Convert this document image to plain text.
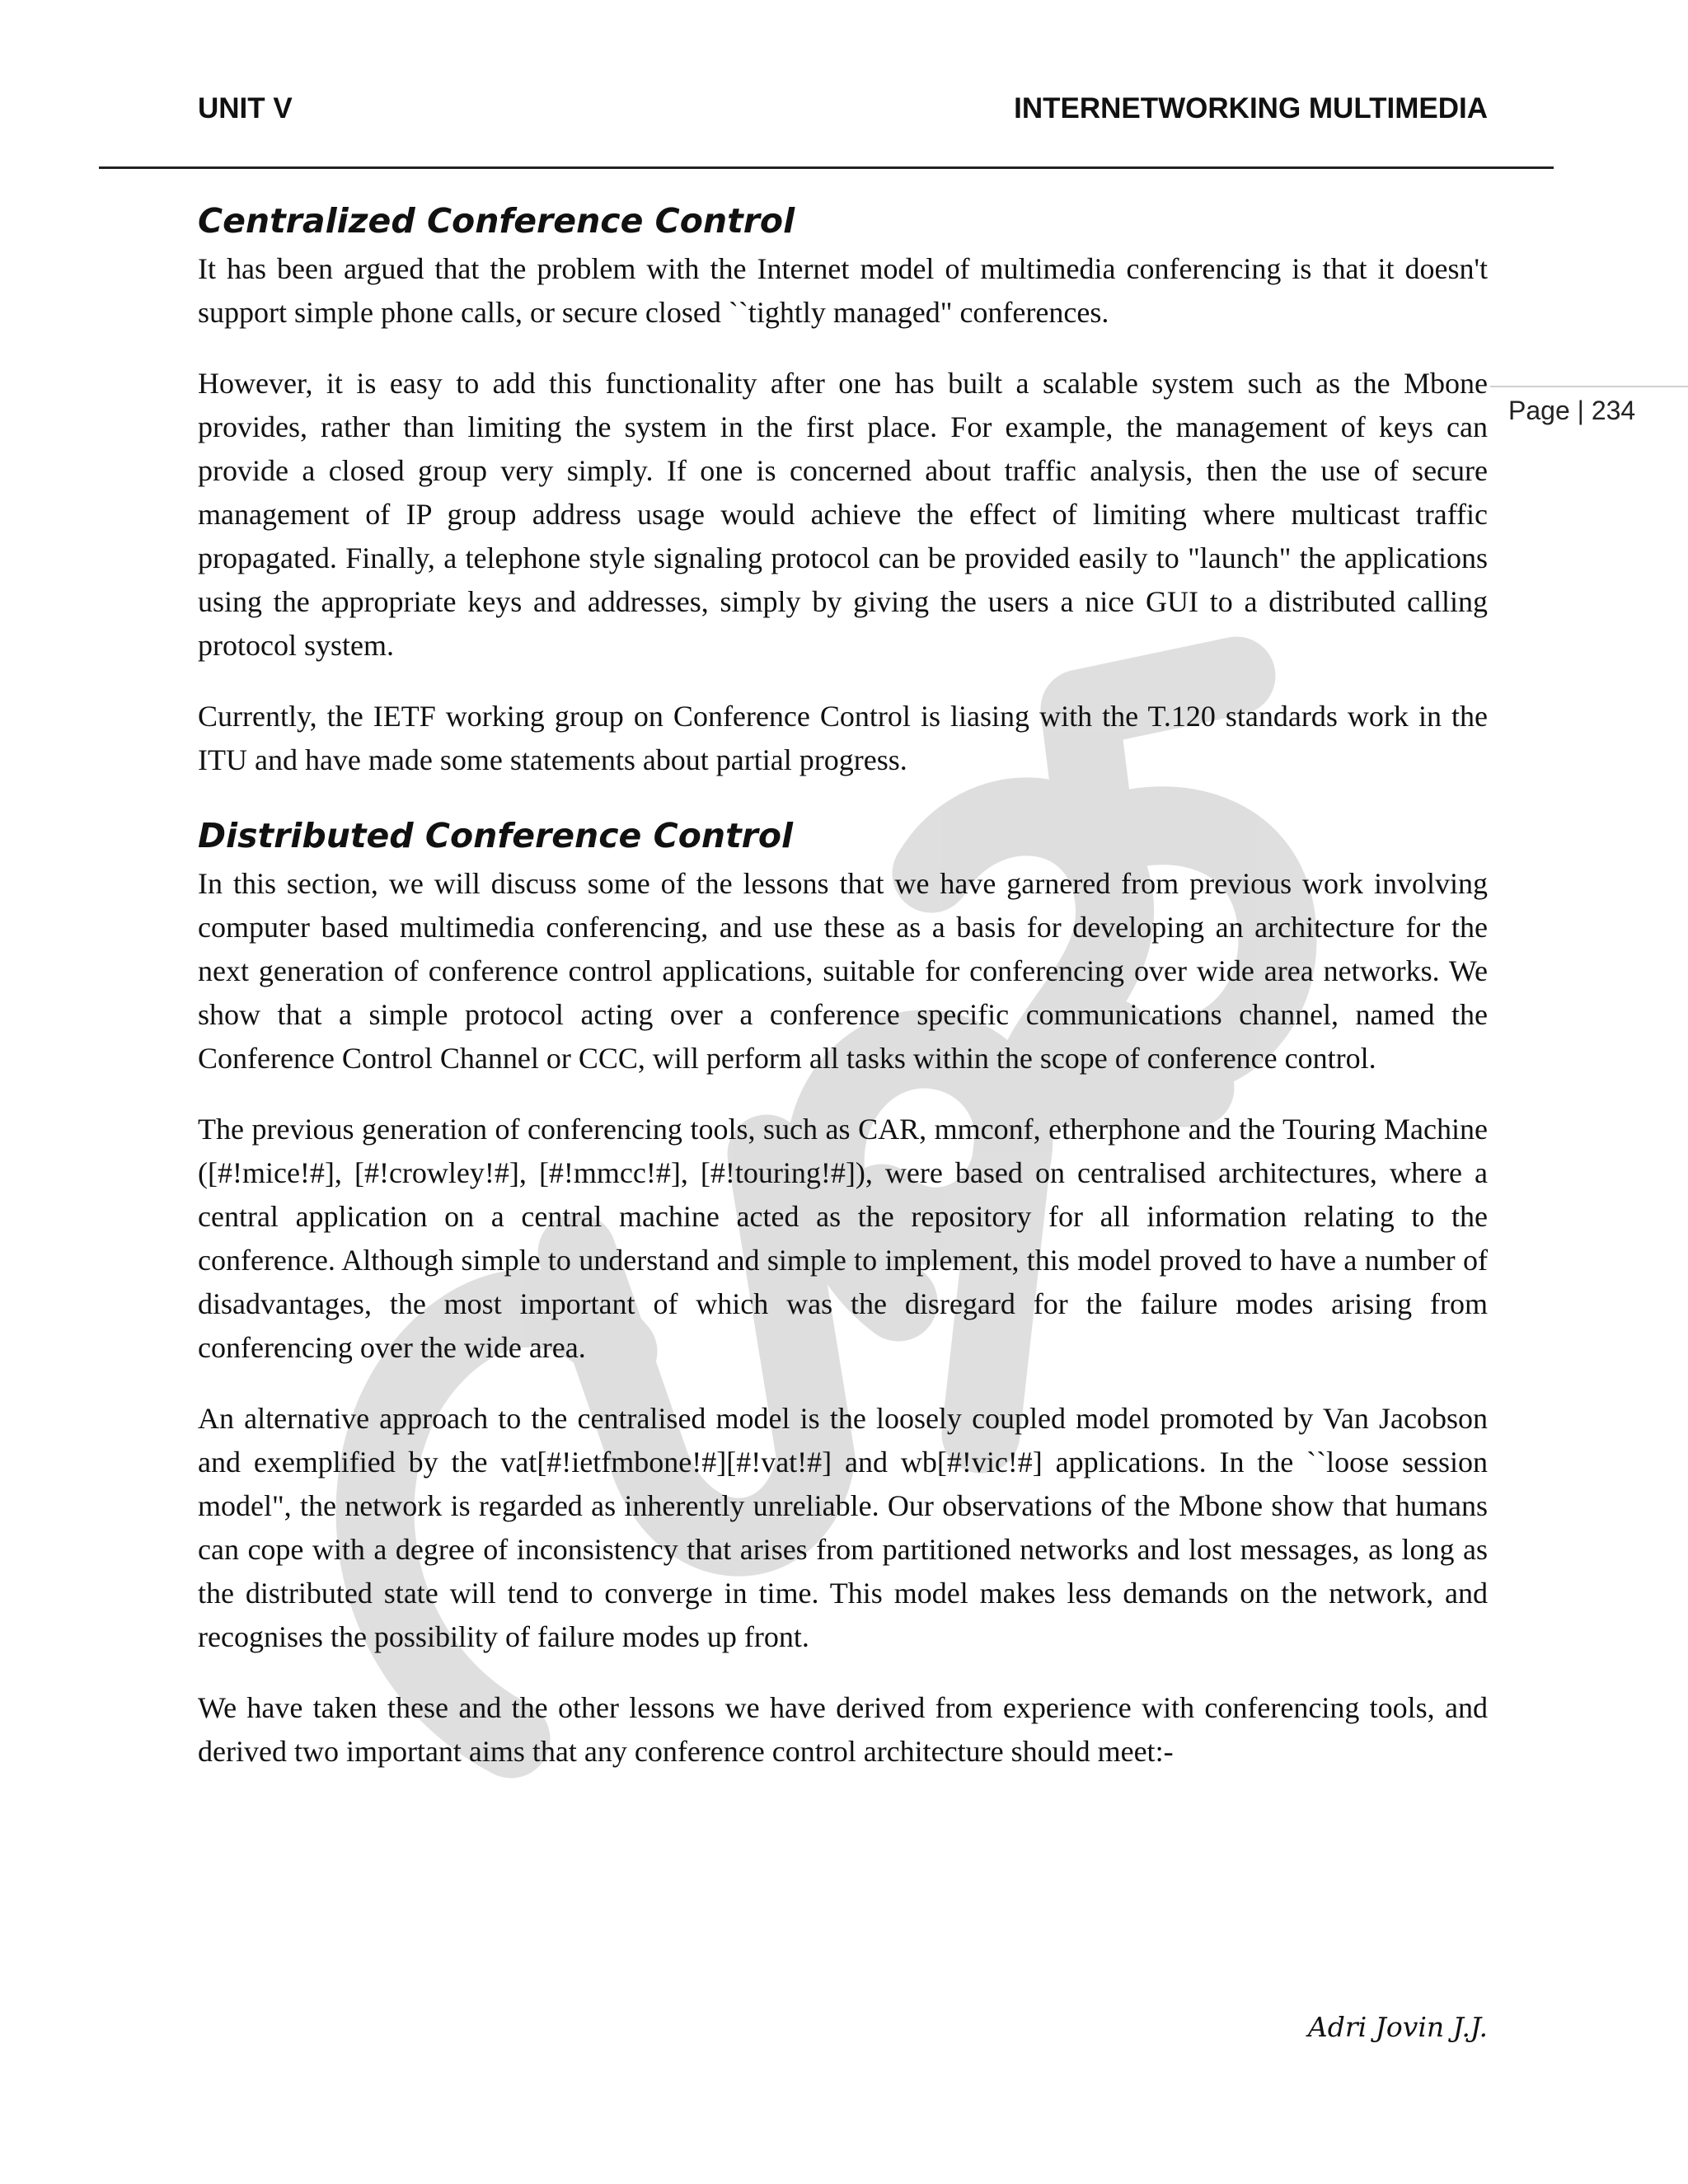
UNIT V	INTERNETWORKING MULTIMEDIA
Page | 234
Centralized Conference Control

It has been argued that the problem with the Internet model of multimedia conferencing is that it doesn't support simple phone calls, or secure closed ``tightly managed" conferences.

However, it is easy to add this functionality after one has built a scalable system such as the Mbone provides, rather than limiting the system in the first place. For example, the management of keys can provide a closed group very simply. If one is concerned about traffic analysis, then the use of secure management of IP group address usage would achieve the effect of limiting where multicast traffic propagated. Finally, a telephone style signaling protocol can be provided easily to "launch" the applications using the appropriate keys and addresses, simply by giving the users a nice GUI to a distributed calling protocol system.

Currently, the IETF working group on Conference Control is liasing with the T.120 standards work in the ITU and have made some statements about partial progress.

Distributed Conference Control

In this section, we will discuss some of the lessons that we have garnered from previous work involving computer based multimedia conferencing, and use these as a basis for developing an architecture for the next generation of conference control applications, suitable for conferencing over wide area networks. We show that a simple protocol acting over a conference specific communications channel, named the Conference Control Channel or CCC, will perform all tasks within the scope of conference control.

The previous generation of conferencing tools, such as CAR, mmconf, etherphone and the Touring Machine ([#!mice!#], [#!crowley!#], [#!mmcc!#], [#!touring!#]), were based on centralised architectures, where a central application on a central machine acted as the repository for all information relating to the conference. Although simple to understand and simple to implement, this model proved to have a number of disadvantages, the most important of which was the disregard for the failure modes arising from conferencing over the wide area.

An alternative approach to the centralised model is the loosely coupled model promoted by Van Jacobson and exemplified by the vat[#!ietfmbone!#][#!vat!#] and wb[#!vic!#] applications. In the ``loose session model", the network is regarded as inherently unreliable. Our observations of the Mbone show that humans can cope with a degree of inconsistency that arises from partitioned networks and lost messages, as long as the distributed state will tend to converge in time. This model makes less demands on the network, and recognises the possibility of failure modes up front.

We have taken these and the other lessons we have derived from experience with conferencing tools, and derived two important aims that any conference control architecture should meet:-

Adri Jovin J.J.
